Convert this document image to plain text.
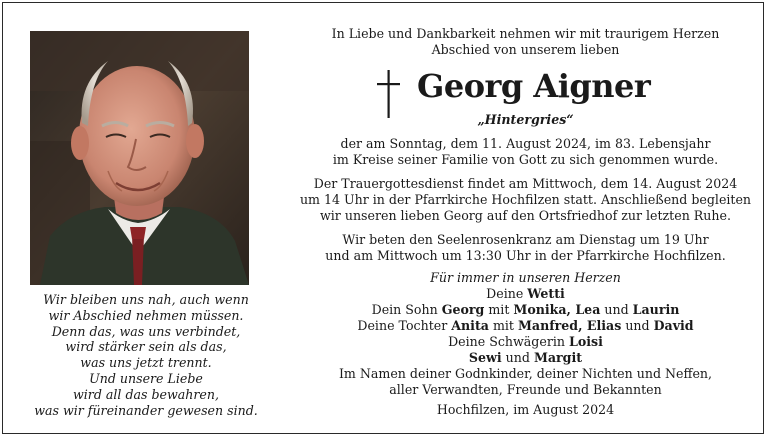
Wir bleiben uns nah, auch wenn
wir Abschied nehmen müssen.
Denn das, was uns verbindet,
wird stärker sein als das,
was uns jetzt trennt.
Und unsere Liebe
wird all das bewahren,
was wir füreinander gewesen sind.
In Liebe und Dankbarkeit nehmen wir mit traurigem Herzen
Abschied von unserem lieben
Georg Aigner
„Hintergries“
der am Sonntag, dem 11. August 2024, im 83. Lebensjahr
im Kreise seiner Familie von Gott zu sich genommen wurde.
Der Trauergottesdienst findet am Mittwoch, dem 14. August 2024
um 14 Uhr in der Pfarrkirche Hochfilzen statt. Anschließend begleiten
wir unseren lieben Georg auf den Ortsfriedhof zur letzten Ruhe.
Wir beten den Seelenrosenkranz am Dienstag um 19 Uhr
und am Mittwoch um 13:30 Uhr in der Pfarrkirche Hochfilzen.
Für immer in unseren Herzen
Deine Wetti
Dein Sohn Georg mit Monika, Lea und Laurin
Deine Tochter Anita mit Manfred, Elias und David
Deine Schwägerin Loisi
Sewi und Margit
Im Namen deiner Godnkinder, deiner Nichten und Neffen,
aller Verwandten, Freunde und Bekannten
Hochfilzen, im August 2024
